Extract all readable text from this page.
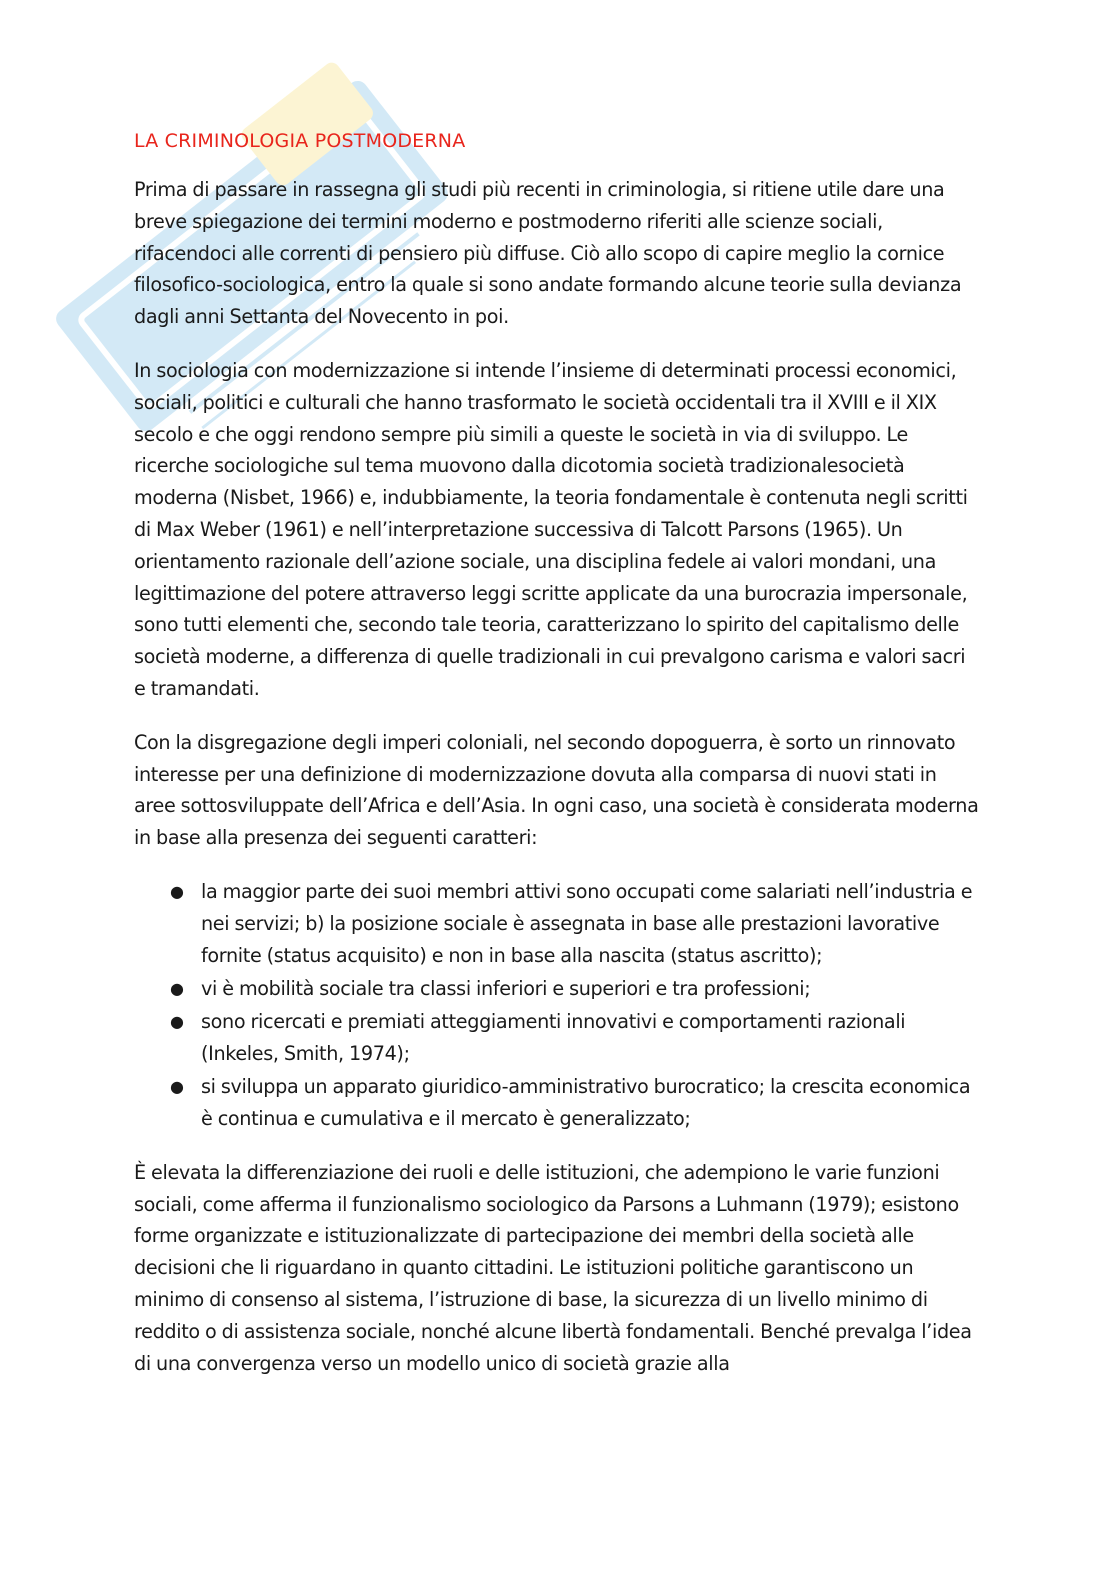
LA CRIMINOLOGIA POSTMODERNA

Prima di passare in rassegna gli studi più recenti in criminologia, si ritiene utile dare una breve spiegazione dei termini moderno e postmoderno riferiti alle scienze sociali, rifacendoci alle correnti di pensiero più diffuse. Ciò allo scopo di capire meglio la cornice filosofico-sociologica, entro la quale si sono andate formando alcune teorie sulla devianza dagli anni Settanta del Novecento in poi.

In sociologia con modernizzazione si intende l’insieme di determinati processi economici, sociali, politici e culturali che hanno trasformato le società occidentali tra il XVIII e il XIX secolo e che oggi rendono sempre più simili a queste le società in via di sviluppo. Le ricerche sociologiche sul tema muovono dalla dicotomia società tradizionalesocietà moderna (Nisbet, 1966) e, indubbiamente, la teoria fondamentale è contenuta negli scritti di Max Weber (1961) e nell’interpretazione successiva di Talcott Parsons (1965). Un orientamento razionale dell’azione sociale, una disciplina fedele ai valori mondani, una legittimazione del potere attraverso leggi scritte applicate da una burocrazia impersonale, sono tutti elementi che, secondo tale teoria, caratterizzano lo spirito del capitalismo delle società moderne, a differenza di quelle tradizionali in cui prevalgono carisma e valori sacri e tramandati.

Con la disgregazione degli imperi coloniali, nel secondo dopoguerra, è sorto un rinnovato interesse per una definizione di modernizzazione dovuta alla comparsa di nuovi stati in aree sottosviluppate dell’Africa e dell’Asia. In ogni caso, una società è considerata moderna in base alla presenza dei seguenti caratteri:

● la maggior parte dei suoi membri attivi sono occupati come salariati nell’industria e nei servizi; b) la posizione sociale è assegnata in base alle prestazioni lavorative fornite (status acquisito) e non in base alla nascita (status ascritto);
● vi è mobilità sociale tra classi inferiori e superiori e tra professioni;
● sono ricercati e premiati atteggiamenti innovativi e comportamenti razionali (Inkeles, Smith, 1974);
● si sviluppa un apparato giuridico-amministrativo burocratico; la crescita economica è continua e cumulativa e il mercato è generalizzato;

È elevata la differenziazione dei ruoli e delle istituzioni, che adempiono le varie funzioni sociali, come afferma il funzionalismo sociologico da Parsons a Luhmann (1979); esistono forme organizzate e istituzionalizzate di partecipazione dei membri della società alle decisioni che li riguardano in quanto cittadini. Le istituzioni politiche garantiscono un minimo di consenso al sistema, l’istruzione di base, la sicurezza di un livello minimo di reddito o di assistenza sociale, nonché alcune libertà fondamentali. Benché prevalga l’idea di una convergenza verso un modello unico di società grazie alla
